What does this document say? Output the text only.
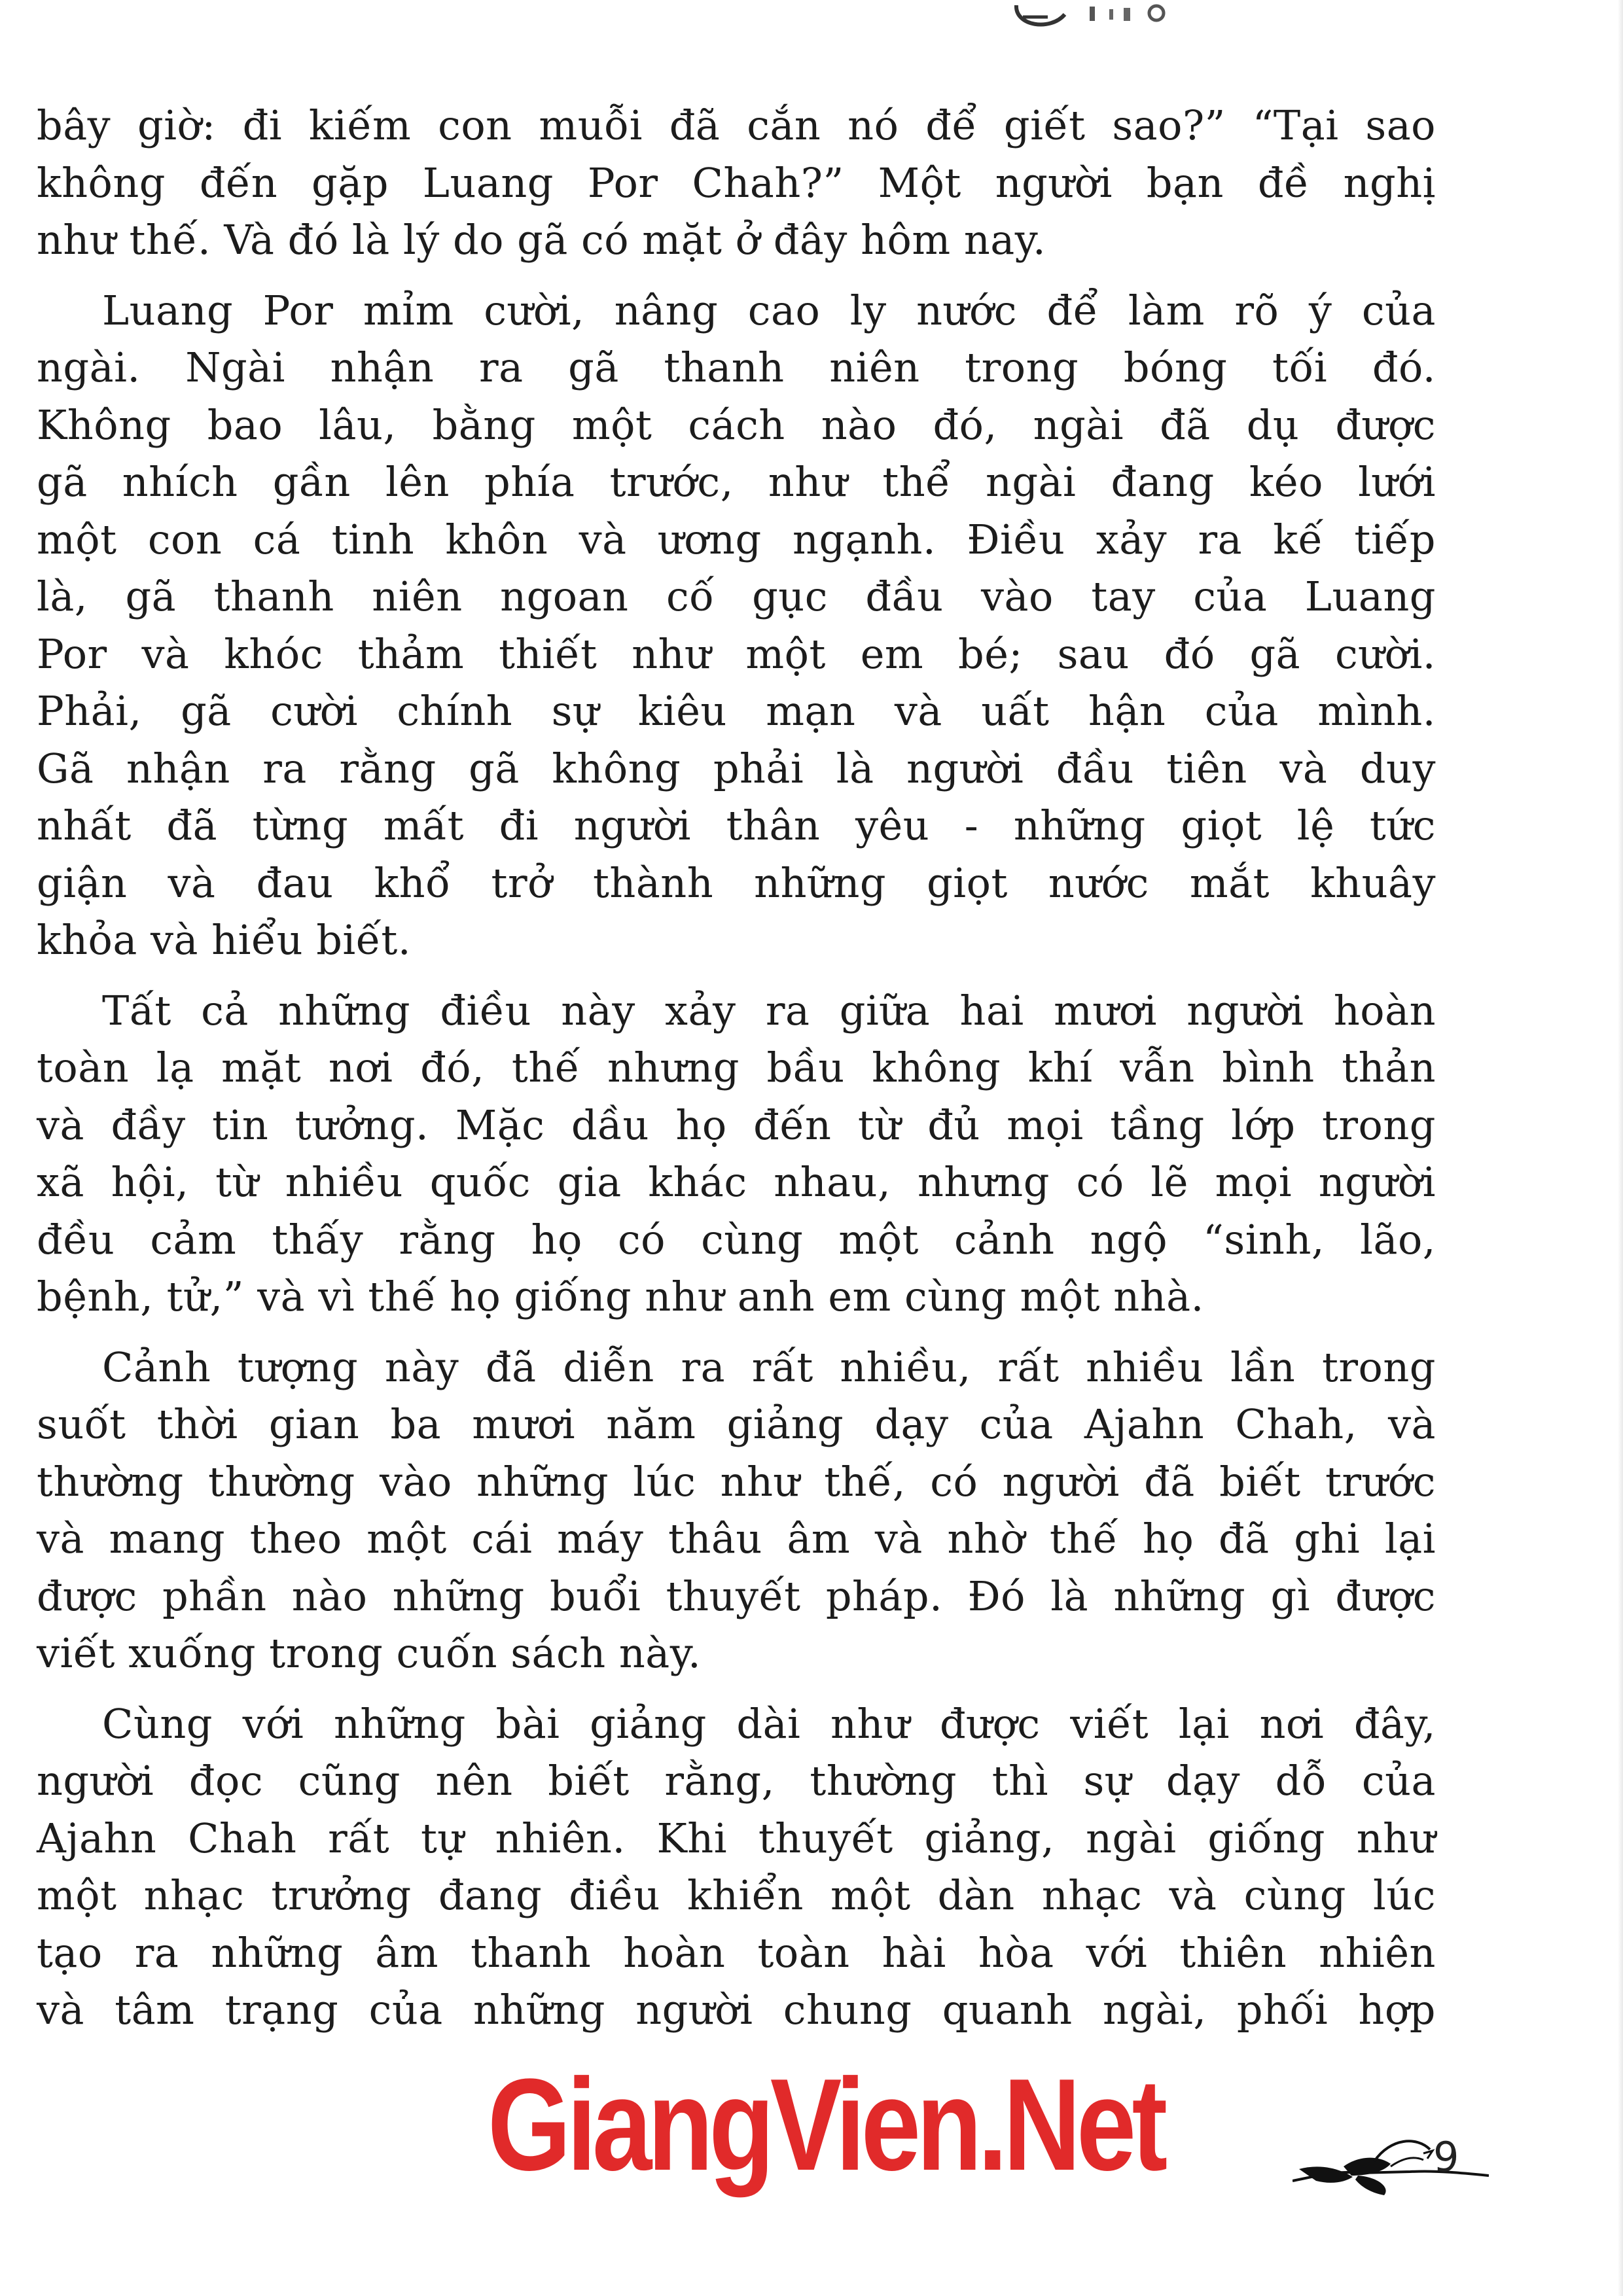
bây giờ: đi kiếm con muỗi đã cắn nó để giết sao?” “Tại sao
không đến gặp Luang Por Chah?” Một người bạn đề nghị
như thế. Và đó là lý do gã có mặt ở đây hôm nay.

Luang Por mỉm cười, nâng cao ly nước để làm rõ ý của
ngài. Ngài nhận ra gã thanh niên trong bóng tối đó.
Không bao lâu, bằng một cách nào đó, ngài đã dụ được
gã nhích gần lên phía trước, như thể ngài đang kéo lưới
một con cá tinh khôn và ương ngạnh. Điều xảy ra kế tiếp
là, gã thanh niên ngoan cố gục đầu vào tay của Luang
Por và khóc thảm thiết như một em bé; sau đó gã cười.
Phải, gã cười chính sự kiêu mạn và uất hận của mình.
Gã nhận ra rằng gã không phải là người đầu tiên và duy
nhất đã từng mất đi người thân yêu - những giọt lệ tức
giận và đau khổ trở thành những giọt nước mắt khuây
khỏa và hiểu biết.

Tất cả những điều này xảy ra giữa hai mươi người hoàn
toàn lạ mặt nơi đó, thế nhưng bầu không khí vẫn bình thản
và đầy tin tưởng. Mặc dầu họ đến từ đủ mọi tầng lớp trong
xã hội, từ nhiều quốc gia khác nhau, nhưng có lẽ mọi người
đều cảm thấy rằng họ có cùng một cảnh ngộ “sinh, lão,
bệnh, tử,” và vì thế họ giống như anh em cùng một nhà.

Cảnh tượng này đã diễn ra rất nhiều, rất nhiều lần trong
suốt thời gian ba mươi năm giảng dạy của Ajahn Chah, và
thường thường vào những lúc như thế, có người đã biết trước
và mang theo một cái máy thâu âm và nhờ thế họ đã ghi lại
được phần nào những buổi thuyết pháp. Đó là những gì được
viết xuống trong cuốn sách này.

Cùng với những bài giảng dài như được viết lại nơi đây,
người đọc cũng nên biết rằng, thường thì sự dạy dỗ của
Ajahn Chah rất tự nhiên. Khi thuyết giảng, ngài giống như
một nhạc trưởng đang điều khiển một dàn nhạc và cùng lúc
tạo ra những âm thanh hoàn toàn hài hòa với thiên nhiên
và tâm trạng của những người chung quanh ngài, phối hợp

GiangVien.Net	9
